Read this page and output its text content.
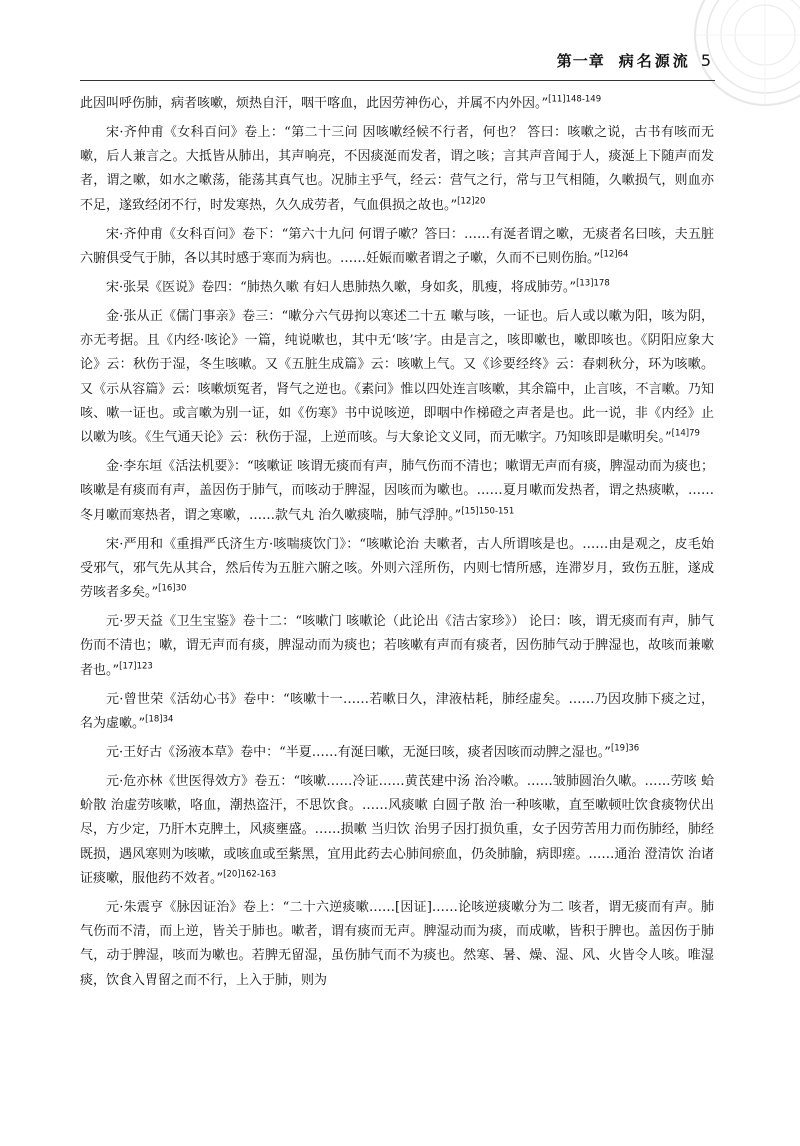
第一章 病名源流 5

此因叫呼伤肺，病者咳嗽，烦热自汗，咽干喀血，此因劳神伤心，并属不内外因。”$^{[11]148-149}$

宋·齐仲甫《女科百问》卷上：“第二十三问 因咳嗽经候不行者，何也？ 答曰：咳嗽之说，古书有咳而无嗽，后人兼言之。大抵皆从肺出，其声响亮，不因痰涎而发者，谓之咳；言其声音闻于人，痰涎上下随声而发者，谓之嗽，如水之嗽荡，能荡其真气也。况肺主乎气，经云：营气之行，常与卫气相随，久嗽损气，则血亦不足，遂致经闭不行，时发寒热，久久成劳者，气血俱损之故也。”$^{[12]20}$

宋·齐仲甫《女科百问》卷下：“第六十九问 何谓子嗽？答曰：……有涎者谓之嗽，无痰者名曰咳，夫五脏六腑俱受气于肺，各以其时感于寒而为病也。……妊娠而嗽者谓之子嗽，久而不已则伤胎。”$^{[12]64}$

宋·张杲《医说》卷四：“肺热久嗽 有妇人患肺热久嗽，身如炙，肌瘦，将成肺劳。”$^{[13]178}$

金·张从正《儒门事亲》卷三：“嗽分六气毋拘以寒述二十五 嗽与咳，一证也。后人或以嗽为阳，咳为阴，亦无考据。且《内经·咳论》一篇，纯说嗽也，其中无‘咳’字。由是言之，咳即嗽也，嗽即咳也。《阴阳应象大论》云：秋伤于湿，冬生咳嗽。又《五脏生成篇》云：咳嗽上气。又《诊要经终》云：春刺秋分，环为咳嗽。又《示从容篇》云：咳嗽烦冤者，肾气之逆也。《素问》惟以四处连言咳嗽，其余篇中，止言咳，不言嗽。乃知咳、嗽一证也。或言嗽为别一证，如《伤寒》书中说咳逆，即咽中作梯磴之声者是也。此一说，非《内经》止以嗽为咳。《生气通天论》云：秋伤于湿，上逆而咳。与大象论文义同，而无嗽字。乃知咳即是嗽明矣。”$^{[14]79}$

金·李东垣《活法机要》：“咳嗽证 咳谓无痰而有声，肺气伤而不清也；嗽谓无声而有痰，脾湿动而为痰也；咳嗽是有痰而有声，盖因伤于肺气，而咳动于脾湿，因咳而为嗽也。……夏月嗽而发热者，谓之热痰嗽，……冬月嗽而寒热者，谓之寒嗽，……款气丸 治久嗽痰喘，肺气浮肿。”$^{[15]150-151}$

宋·严用和《重揖严氏济生方·咳喘痰饮门》：“咳嗽论治 夫嗽者，古人所谓咳是也。……由是观之，皮毛始受邪气，邪气先从其合，然后传为五脏六腑之咳。外则六淫所伤，内则七情所感，连滞岁月，致伤五脏，遂成劳咳者多矣。”$^{[16]30}$

元·罗天益《卫生宝鉴》卷十二：“咳嗽门 咳嗽论（此论出《洁古家珍》） 论曰：咳，谓无痰而有声，肺气伤而不清也；嗽，谓无声而有痰，脾湿动而为痰也；若咳嗽有声而有痰者，因伤肺气动于脾湿也，故咳而兼嗽者也。”$^{[17]123}$

元·曾世荣《活幼心书》卷中：“咳嗽十一……若嗽日久，津液枯耗，肺经虚矣。……乃因攻肺下痰之过，名为虚嗽。”$^{[18]34}$

元·王好古《汤液本草》卷中：“半夏……有涎曰嗽，无涎曰咳，痰者因咳而动脾之湿也。”$^{[19]36}$

元·危亦林《世医得效方》卷五：“咳嗽……冷证……黄芪建中汤 治冷嗽。……皱肺圆治久嗽。……劳咳 蛤蚧散 治虚劳咳嗽，咯血，潮热盗汗，不思饮食。……风痰嗽 白圆子散 治一种咳嗽，直至嗽顿吐饮食痰物伏出尽，方少定，乃肝木克脾土，风痰壅盛。……损嗽 当归饮 治男子因打损负重，女子因劳苦用力而伤肺经，肺经既损，遇风寒则为咳嗽，或咳血或至紫黑，宜用此药去心肺间瘀血，仍灸肺腧，病即瘥。……通治 澄清饮 治诸证痰嗽，服他药不效者。”$^{[20]162-163}$

元·朱震亨《脉因证治》卷上：“二十六逆痰嗽……[因证]……论咳逆痰嗽分为二 咳者，谓无痰而有声。肺气伤而不清，而上逆，皆关于肺也。嗽者，谓有痰而无声。脾湿动而为痰，而成嗽，皆积于脾也。盖因伤于肺气，动于脾湿，咳而为嗽也。若脾无留湿，虽伤肺气而不为痰也。然寒、暑、燥、湿、风、火皆令人咳。唯湿痰，饮食入胃留之而不行，上入于肺，则为
